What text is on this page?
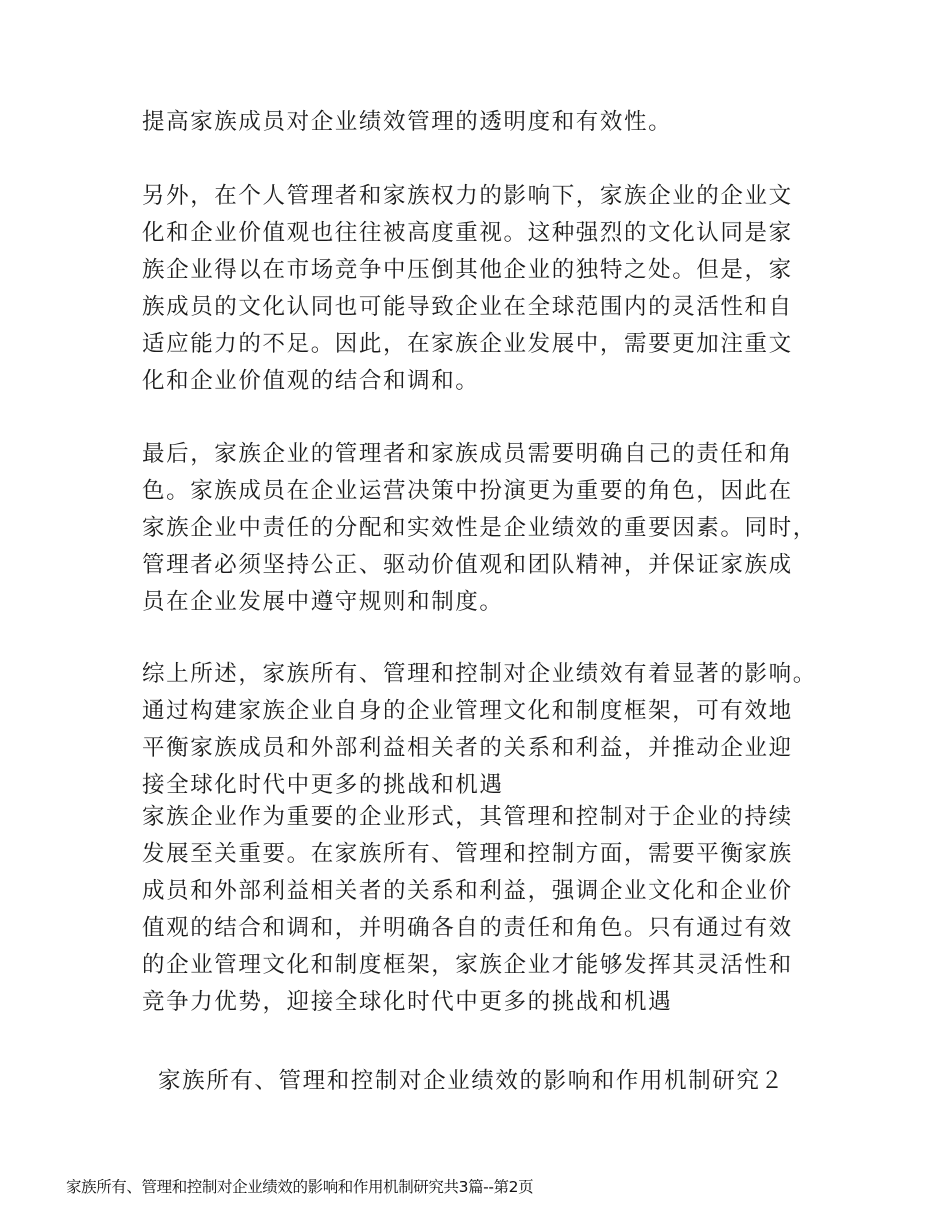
提高家族成员对企业绩效管理的透明度和有效性。
另外，在个人管理者和家族权力的影响下，家族企业的企业文
化和企业价值观也往往被高度重视。这种强烈的文化认同是家
族企业得以在市场竞争中压倒其他企业的独特之处。但是，家
族成员的文化认同也可能导致企业在全球范围内的灵活性和自
适应能力的不足。因此，在家族企业发展中，需要更加注重文
化和企业价值观的结合和调和。
最后，家族企业的管理者和家族成员需要明确自己的责任和角
色。家族成员在企业运营决策中扮演更为重要的角色，因此在
家族企业中责任的分配和实效性是企业绩效的重要因素。同时，
管理者必须坚持公正、驱动价值观和团队精神，并保证家族成
员在企业发展中遵守规则和制度。
综上所述，家族所有、管理和控制对企业绩效有着显著的影响。
通过构建家族企业自身的企业管理文化和制度框架，可有效地
平衡家族成员和外部利益相关者的关系和利益，并推动企业迎
接全球化时代中更多的挑战和机遇
家族企业作为重要的企业形式，其管理和控制对于企业的持续
发展至关重要。在家族所有、管理和控制方面，需要平衡家族
成员和外部利益相关者的关系和利益，强调企业文化和企业价
值观的结合和调和，并明确各自的责任和角色。只有通过有效
的企业管理文化和制度框架，家族企业才能够发挥其灵活性和
竞争力优势，迎接全球化时代中更多的挑战和机遇
家族所有、管理和控制对企业绩效的影响和作用机制研究２
家族所有、管理和控制对企业绩效的影响和作用机制研究共3篇--第2页
